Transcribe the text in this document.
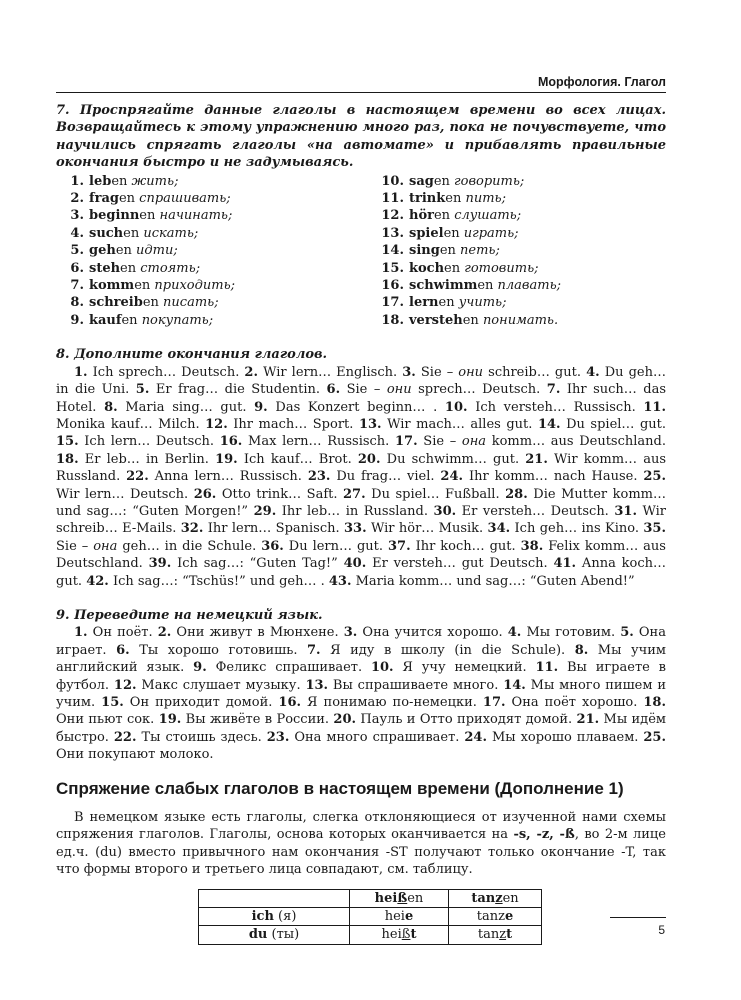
Морфология. Глагол

7. Проспрягайте данные глаголы в настоящем времени во всех лицах. Возвращайтесь к этому упражнению много раз, пока не почувствуете, что научились спрягать глаголы «на автомате» и прибавлять правильные окончания быстро и не задумываясь.

1. leben жить;
2. fragen спрашивать;
3. beginnen начинать;
4. suchen искать;
5. gehen идти;
6. stehen стоять;
7. kommen приходить;
8. schreiben писать;
9. kaufen покупать;
10. sagen говорить;
11. trinken пить;
12. hören слушать;
13. spielen играть;
14. singen петь;
15. kochen готовить;
16. schwimmen плавать;
17. lernen учить;
18. verstehen понимать.

8. Дополните окончания глаголов.

1. Ich sprech… Deutsch. 2. Wir lern… Englisch. 3. Sie – они schreib… gut. 4. Du geh… in die Uni. 5. Er frag… die Studentin. 6. Sie – они sprech… Deutsch. 7. Ihr such… das Hotel. 8. Maria sing… gut. 9. Das Konzert beginn… . 10. Ich versteh… Russisch. 11. Monika kauf… Milch. 12. Ihr mach… Sport. 13. Wir mach… alles gut. 14. Du spiel… gut. 15. Ich lern… Deutsch. 16. Max lern… Russisch. 17. Sie – она komm… aus Deutschland. 18. Er leb… in Berlin. 19. Ich kauf… Brot. 20. Du schwimm… gut. 21. Wir komm… aus Russland. 22. Anna lern… Russisch. 23. Du frag… viel. 24. Ihr komm… nach Hause. 25. Wir lern… Deutsch. 26. Otto trink… Saft. 27. Du spiel… Fußball. 28. Die Mutter komm… und sag…: “Guten Morgen!” 29. Ihr leb… in Russland. 30. Er versteh… Deutsch. 31. Wir schreib… E-Mails. 32. Ihr lern… Spanisch. 33. Wir hör… Musik. 34. Ich geh… ins Kino. 35. Sie – она geh… in die Schule. 36. Du lern… gut. 37. Ihr koch… gut. 38. Felix komm… aus Deutschland. 39. Ich sag…: “Guten Tag!” 40. Er versteh… gut Deutsch. 41. Anna koch… gut. 42. Ich sag…: “Tschüs!” und geh… . 43. Maria komm… und sag…: “Guten Abend!”

9. Переведите на немецкий язык.

1. Он поёт. 2. Они живут в Мюнхене. 3. Она учится хорошо. 4. Мы готовим. 5. Она играет. 6. Ты хорошо готовишь. 7. Я иду в школу (in die Schule). 8. Мы учим английский язык. 9. Феликс спрашивает. 10. Я учу немецкий. 11. Вы играете в футбол. 12. Макс слушает музыку. 13. Вы спрашиваете много. 14. Мы много пишем и учим. 15. Он приходит домой. 16. Я понимаю по-немецки. 17. Она поёт хорошо. 18. Они пьют сок. 19. Вы живёте в России. 20. Пауль и Отто приходят домой. 21. Мы идём быстро. 22. Ты стоишь здесь. 23. Она много спрашивает. 24. Мы хорошо плаваем. 25. Они покупают молоко.

Спряжение слабых глаголов в настоящем времени (Дополнение 1)

В немецком языке есть глаголы, слегка отклоняющиеся от изученной нами схемы спряжения глаголов. Глаголы, основа которых оканчивается на -s, -z, -ß, во 2-м лице ед.ч. (du) вместо привычного нам окончания -ST получают только окончание -T, так что формы второго и третьего лица совпадают, см. таблицу.

	heißen	tanzen
ich (я)	heie	tanze
du (ты)	heißt	tanzt	5
